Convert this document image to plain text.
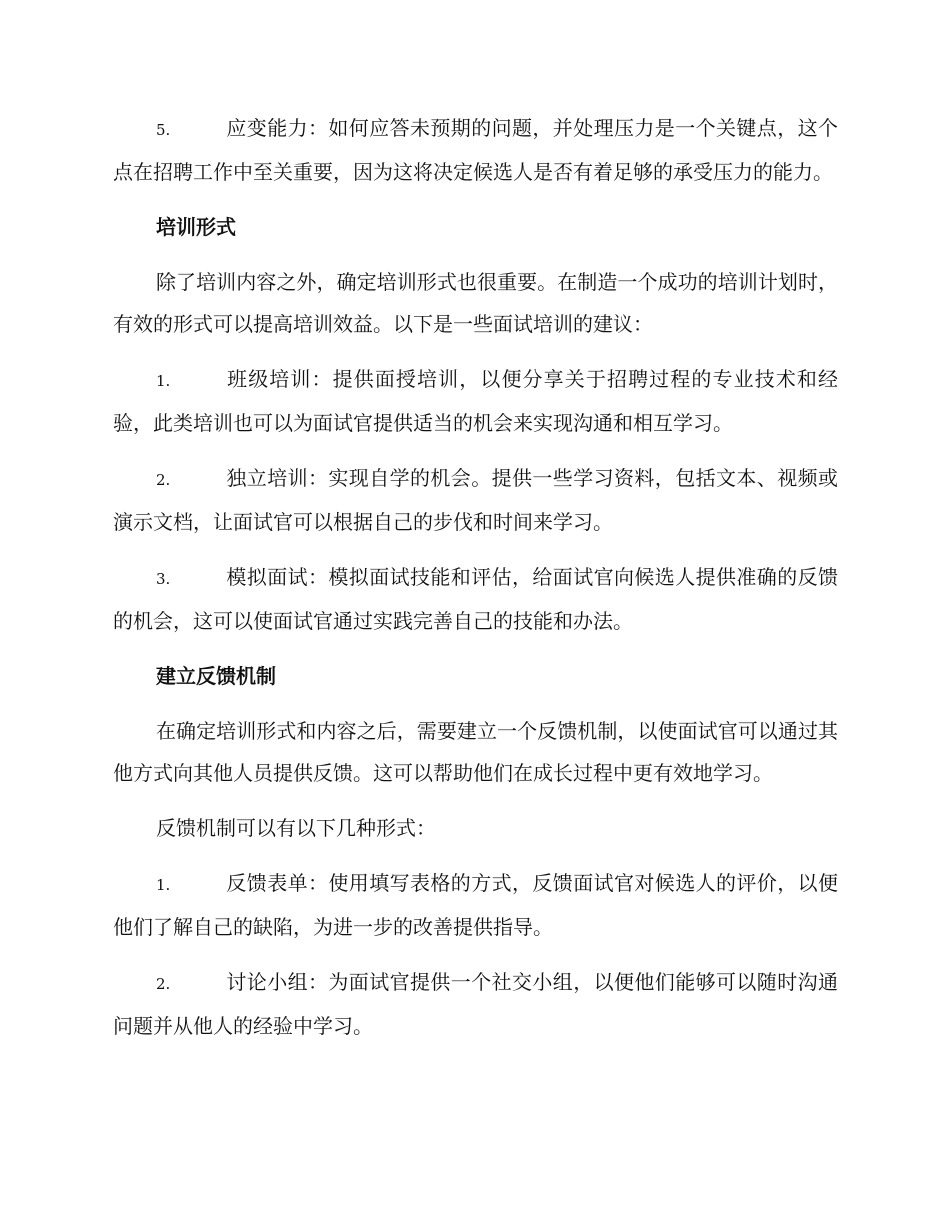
5.	应变能力：如何应答未预期的问题，并处理压力是一个关键点，这个点在招聘工作中至关重要，因为这将决定候选人是否有着足够的承受压力的能力。

培训形式

除了培训内容之外，确定培训形式也很重要。在制造一个成功的培训计划时，有效的形式可以提高培训效益。以下是一些面试培训的建议：

1.	班级培训：提供面授培训，以便分享关于招聘过程的专业技术和经验，此类培训也可以为面试官提供适当的机会来实现沟通和相互学习。

2.	独立培训：实现自学的机会。提供一些学习资料，包括文本、视频或演示文档，让面试官可以根据自己的步伐和时间来学习。

3.	模拟面试：模拟面试技能和评估，给面试官向候选人提供准确的反馈的机会，这可以使面试官通过实践完善自己的技能和办法。

建立反馈机制

在确定培训形式和内容之后，需要建立一个反馈机制，以使面试官可以通过其他方式向其他人员提供反馈。这可以帮助他们在成长过程中更有效地学习。

反馈机制可以有以下几种形式：

1.	反馈表单：使用填写表格的方式，反馈面试官对候选人的评价，以便他们了解自己的缺陷，为进一步的改善提供指导。

2.	讨论小组：为面试官提供一个社交小组，以便他们能够可以随时沟通问题并从他人的经验中学习。
